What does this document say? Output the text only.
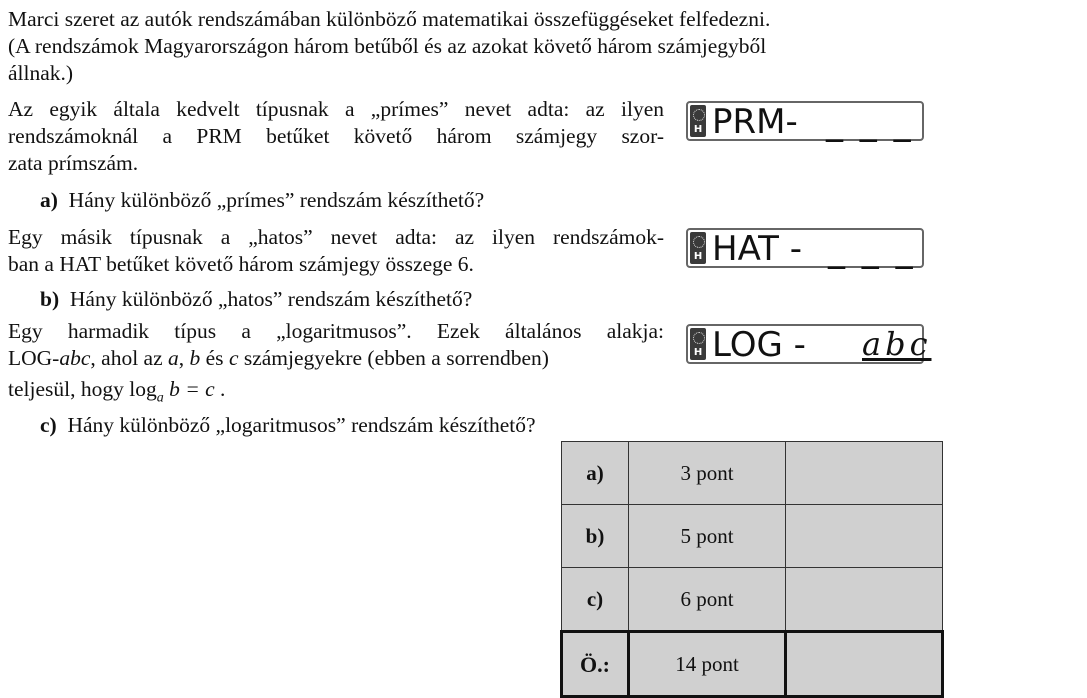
Marci szeret az autók rendszámában különböző matematikai összefüggéseket felfedezni.
(A rendszámok Magyarországon három betűből és az azokat követő három számjegyből
állnak.)
Az egyik általa kedvelt típusnak a „prímes” nevet adta: az ilyen
rendszámoknál a PRM betűket követő három számjegy szor-
zata prímszám.
a) Hány különböző „prímes” rendszám készíthető?
Egy másik típusnak a „hatos” nevet adta: az ilyen rendszámok-
ban a HAT betűket követő három számjegy összege 6.
b) Hány különböző „hatos” rendszám készíthető?
Egy harmadik típus a „logaritmusos”. Ezek általános alakja:
LOG-abc, ahol az a, b és c számjegyekre (ebben a sorrendben)
teljesül, hogy $\log_a b = c$ .
c) Hány különböző „logaritmusos” rendszám készíthető?
H PRM- _ _ _
H HAT - _ _ _
H LOG - abc
a)	3 pont	
b)	5 pont	
c)	6 pont	
Ö.:	14 pont	
